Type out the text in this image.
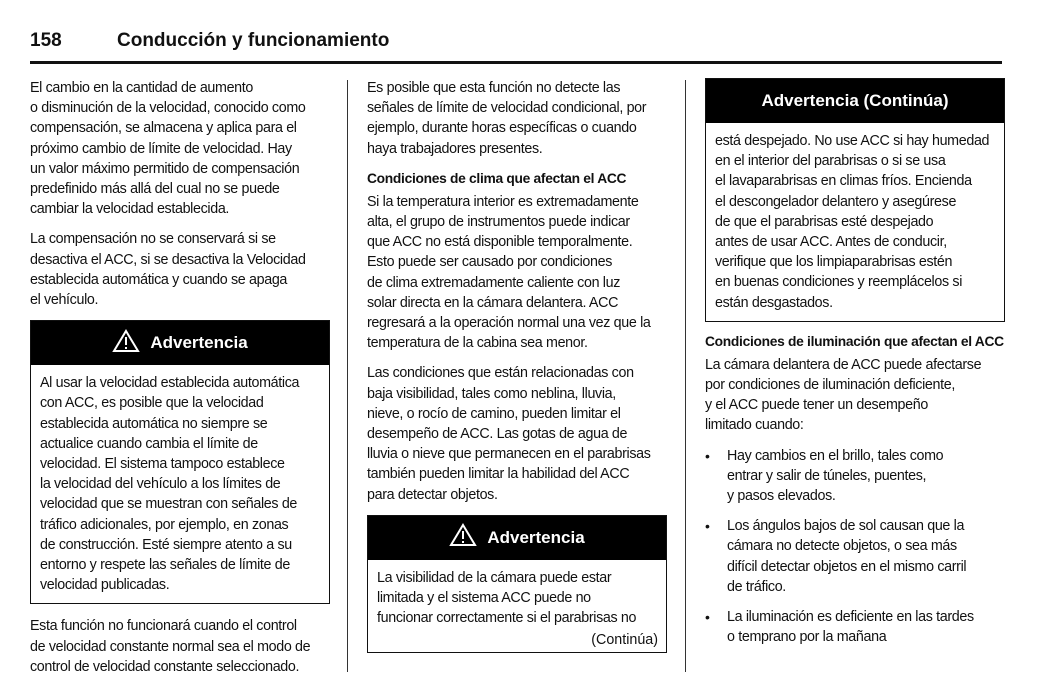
158	Conducción y funcionamiento
El cambio en la cantidad de aumento
o disminución de la velocidad, conocido como
compensación, se almacena y aplica para el
próximo cambio de límite de velocidad. Hay
un valor máximo permitido de compensación
predefinido más allá del cual no se puede
cambiar la velocidad establecida.
La compensación no se conservará si se
desactiva el ACC, si se desactiva la Velocidad
establecida automática y cuando se apaga
el vehículo.
Advertencia
Al usar la velocidad establecida automática
con ACC, es posible que la velocidad
establecida automática no siempre se
actualice cuando cambia el límite de
velocidad. El sistema tampoco establece
la velocidad del vehículo a los límites de
velocidad que se muestran con señales de
tráfico adicionales, por ejemplo, en zonas
de construcción. Esté siempre atento a su
entorno y respete las señales de límite de
velocidad publicadas.
Esta función no funcionará cuando el control
de velocidad constante normal sea el modo de
control de velocidad constante seleccionado.
Es posible que esta función no detecte las
señales de límite de velocidad condicional, por
ejemplo, durante horas específicas o cuando
haya trabajadores presentes.
Condiciones de clima que afectan el ACC
Si la temperatura interior es extremadamente
alta, el grupo de instrumentos puede indicar
que ACC no está disponible temporalmente.
Esto puede ser causado por condiciones
de clima extremadamente caliente con luz
solar directa en la cámara delantera. ACC
regresará a la operación normal una vez que la
temperatura de la cabina sea menor.
Las condiciones que están relacionadas con
baja visibilidad, tales como neblina, lluvia,
nieve, o rocío de camino, pueden limitar el
desempeño de ACC. Las gotas de agua de
lluvia o nieve que permanecen en el parabrisas
también pueden limitar la habilidad del ACC
para detectar objetos.
Advertencia
La visibilidad de la cámara puede estar
limitada y el sistema ACC puede no
funcionar correctamente si el parabrisas no
(Continúa)
Advertencia (Continúa)
está despejado. No use ACC si hay humedad
en el interior del parabrisas o si se usa
el lavaparabrisas en climas fríos. Encienda
el descongelador delantero y asegúrese
de que el parabrisas esté despejado
antes de usar ACC. Antes de conducir,
verifique que los limpiaparabrisas estén
en buenas condiciones y reemplácelos si
están desgastados.
Condiciones de iluminación que afectan el ACC
La cámara delantera de ACC puede afectarse
por condiciones de iluminación deficiente,
y el ACC puede tener un desempeño
limitado cuando:
•	Hay cambios en el brillo, tales como
entrar y salir de túneles, puentes,
y pasos elevados.
•	Los ángulos bajos de sol causan que la
cámara no detecte objetos, o sea más
difícil detectar objetos en el mismo carril
de tráfico.
•	La iluminación es deficiente en las tardes
o temprano por la mañana
